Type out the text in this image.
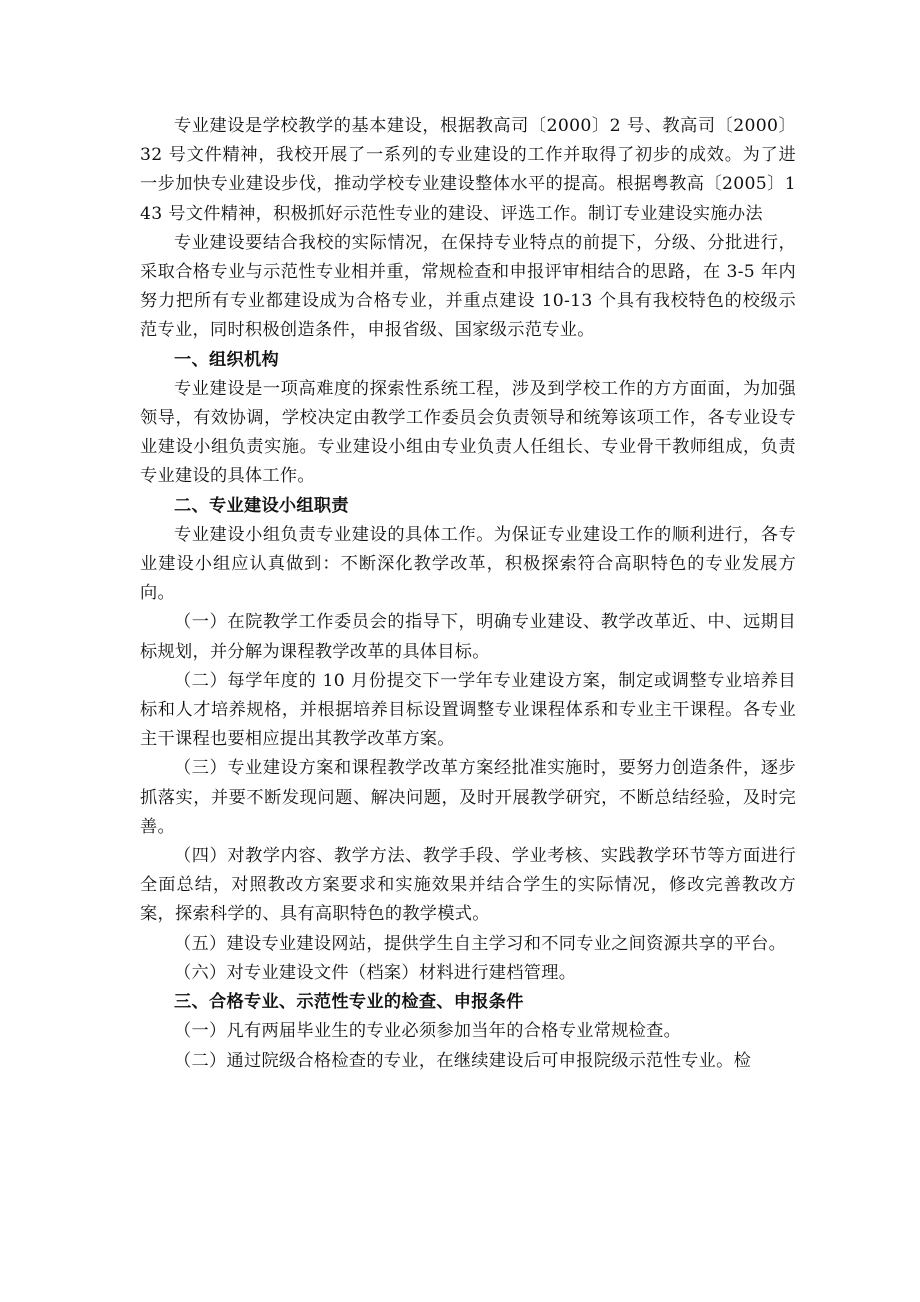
专业建设是学校教学的基本建设，根据教高司〔2000〕2 号、教高司〔2000〕32 号文件精神，我校开展了一系列的专业建设的工作并取得了初步的成效。为了进一步加快专业建设步伐，推动学校专业建设整体水平的提高。根据粤教高〔2005〕143 号文件精神，积极抓好示范性专业的建设、评选工作。制订专业建设实施办法

专业建设要结合我校的实际情况，在保持专业特点的前提下，分级、分批进行，采取合格专业与示范性专业相并重，常规检查和申报评审相结合的思路，在 3-5 年内努力把所有专业都建设成为合格专业，并重点建设 10-13 个具有我校特色的校级示范专业，同时积极创造条件，申报省级、国家级示范专业。

一、组织机构

专业建设是一项高难度的探索性系统工程，涉及到学校工作的方方面面，为加强领导，有效协调，学校决定由教学工作委员会负责领导和统筹该项工作，各专业设专业建设小组负责实施。专业建设小组由专业负责人任组长、专业骨干教师组成，负责专业建设的具体工作。

二、专业建设小组职责

专业建设小组负责专业建设的具体工作。为保证专业建设工作的顺利进行，各专业建设小组应认真做到：不断深化教学改革，积极探索符合高职特色的专业发展方向。

（一）在院教学工作委员会的指导下，明确专业建设、教学改革近、中、远期目标规划，并分解为课程教学改革的具体目标。

（二）每学年度的 10 月份提交下一学年专业建设方案，制定或调整专业培养目标和人才培养规格，并根据培养目标设置调整专业课程体系和专业主干课程。各专业主干课程也要相应提出其教学改革方案。

（三）专业建设方案和课程教学改革方案经批准实施时，要努力创造条件，逐步抓落实，并要不断发现问题、解决问题，及时开展教学研究，不断总结经验，及时完善。

（四）对教学内容、教学方法、教学手段、学业考核、实践教学环节等方面进行全面总结，对照教改方案要求和实施效果并结合学生的实际情况，修改完善教改方案，探索科学的、具有高职特色的教学模式。

（五）建设专业建设网站，提供学生自主学习和不同专业之间资源共享的平台。

（六）对专业建设文件（档案）材料进行建档管理。

三、合格专业、示范性专业的检查、申报条件

（一）凡有两届毕业生的专业必须参加当年的合格专业常规检查。

（二）通过院级合格检查的专业，在继续建设后可申报院级示范性专业。检
